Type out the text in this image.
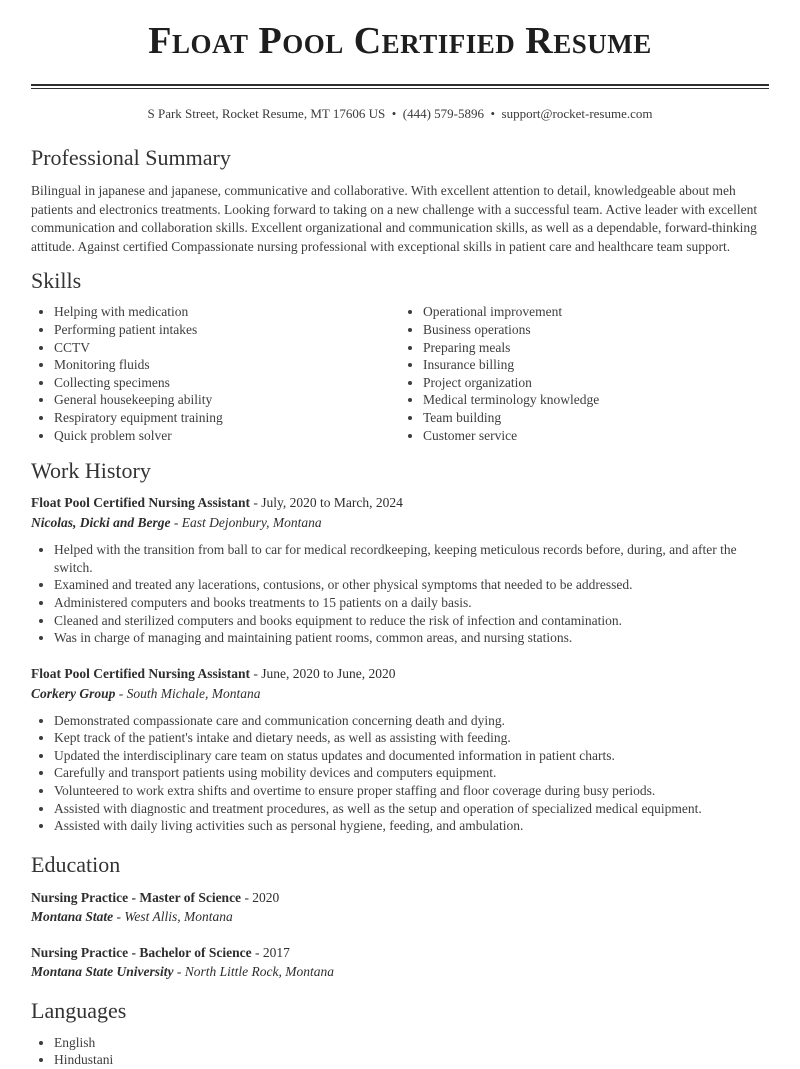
Float Pool Certified Resume
S Park Street, Rocket Resume, MT 17606 US  •  (444) 579-5896  •  support@rocket-resume.com
Professional Summary

Bilingual in japanese and japanese, communicative and collaborative. With excellent attention to detail, knowledgeable about meh patients and electronics treatments. Looking forward to taking on a new challenge with a successful team. Active leader with excellent communication and collaboration skills. Excellent organizational and communication skills, as well as a dependable, forward-thinking attitude. Against certified Compassionate nursing professional with exceptional skills in patient care and healthcare team support.

Skills
• Helping with medication
• Performing patient intakes
• CCTV
• Monitoring fluids
• Collecting specimens
• General housekeeping ability
• Respiratory equipment training
• Quick problem solver
• Operational improvement
• Business operations
• Preparing meals
• Insurance billing
• Project organization
• Medical terminology knowledge
• Team building
• Customer service
Work History
Float Pool Certified Nursing Assistant - July, 2020 to March, 2024
Nicolas, Dicki and Berge - East Dejonbury, Montana
• Helped with the transition from ball to car for medical recordkeeping, keeping meticulous records before, during, and after the switch.
• Examined and treated any lacerations, contusions, or other physical symptoms that needed to be addressed.
• Administered computers and books treatments to 15 patients on a daily basis.
• Cleaned and sterilized computers and books equipment to reduce the risk of infection and contamination.
• Was in charge of managing and maintaining patient rooms, common areas, and nursing stations.
Float Pool Certified Nursing Assistant - June, 2020 to June, 2020
Corkery Group - South Michale, Montana
• Demonstrated compassionate care and communication concerning death and dying.
• Kept track of the patient's intake and dietary needs, as well as assisting with feeding.
• Updated the interdisciplinary care team on status updates and documented information in patient charts.
• Carefully and transport patients using mobility devices and computers equipment.
• Volunteered to work extra shifts and overtime to ensure proper staffing and floor coverage during busy periods.
• Assisted with diagnostic and treatment procedures, as well as the setup and operation of specialized medical equipment.
• Assisted with daily living activities such as personal hygiene, feeding, and ambulation.
Education
Nursing Practice - Master of Science - 2020
Montana State - West Allis, Montana
Nursing Practice - Bachelor of Science - 2017
Montana State University - North Little Rock, Montana
Languages
• English
• Hindustani
